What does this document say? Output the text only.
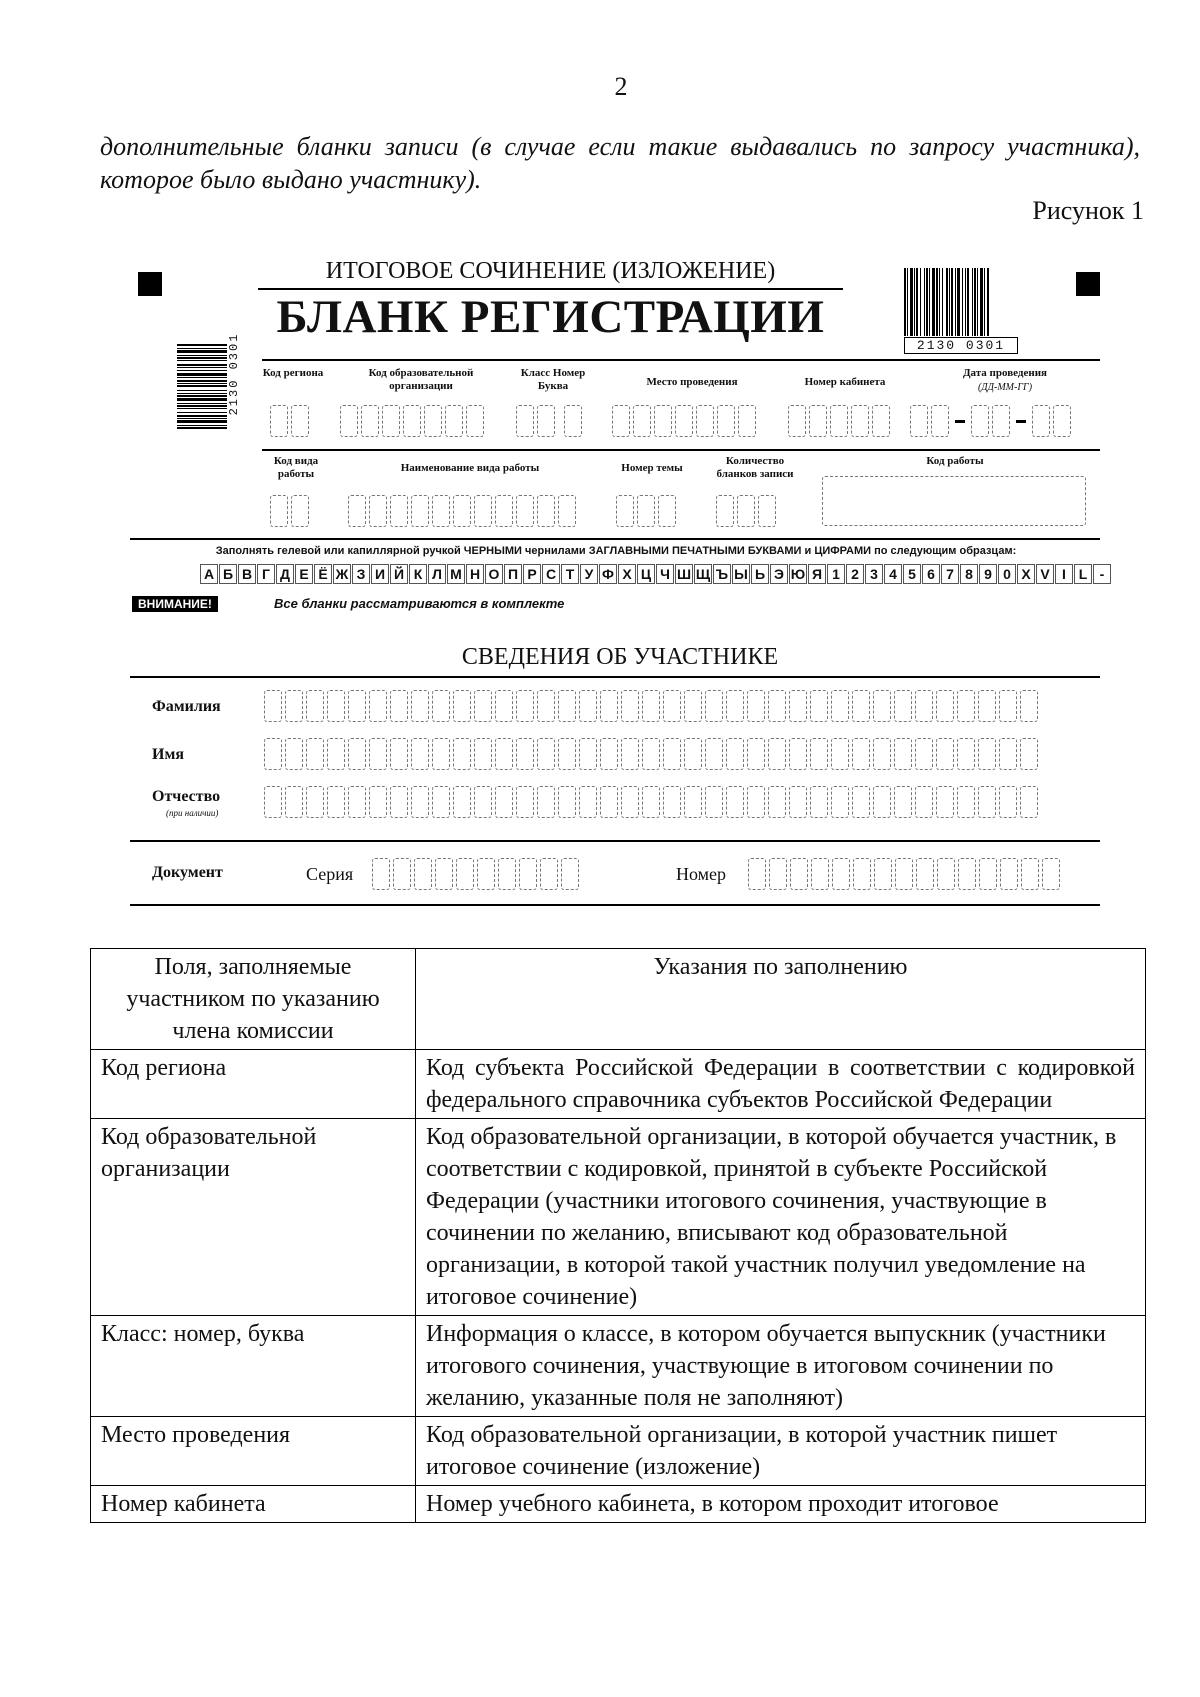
2
дополнительные бланки записи (в случае если такие выдавались по запросу участника), которое было выдано участнику).
Рисунок 1
ИТОГОВОЕ СОЧИНЕНИЕ (ИЗЛОЖЕНИЕ)
БЛАНК РЕГИСТРАЦИИ
2130 0301
2130 0301 Код региона	Код образовательной организации
Класс Номер Буква	Место проведения	Номер кабинета
Дата проведения
(ДД-ММ-ГГ)
Код вида работы	Наименование вида работы	Номер темы
Количество бланков записи
Код работы
Заполнять гелевой или капиллярной ручкой ЧЕРНЫМИ чернилами ЗАГЛАВНЫМИ ПЕЧАТНЫМИ БУКВАМИ и ЦИФРАМИ по следующим образцам:
А Б В Г Д Е Ё Ж З И Й К Л М Н О П Р С Т У Ф Х Ц Ч Ш Щ Ъ Ы Ь Э Ю Я 1 2 3 4 5 6 7 8 9 0 X V I L -
ВНИМАНИЕ!	Все бланки рассматриваются в комплекте
СВЕДЕНИЯ ОБ УЧАСТНИКЕ
Фамилия
Имя
Отчество
(при наличии)
Документ	Серия	Номер
Поля, заполняемые участником по указанию члена комиссии	Указания по заполнению
Код региона	Код субъекта Российской Федерации в соответствии с кодировкой федерального справочника субъектов Российской Федерации
Код образовательной организации	Код образовательной организации, в которой обучается участник, в соответствии с кодировкой, принятой в субъекте Российской Федерации (участники итогового сочинения, участвующие в сочинении по желанию, вписывают код образовательной организации, в которой такой участник получил уведомление на итоговое сочинение)
Класс: номер, буква	Информация о классе, в котором обучается выпускник (участники итогового сочинения, участвующие в итоговом сочинении по желанию, указанные поля не заполняют)
Место проведения	Код образовательной организации, в которой участник пишет итоговое сочинение (изложение)
Номер кабинета	Номер учебного кабинета, в котором проходит итоговое
